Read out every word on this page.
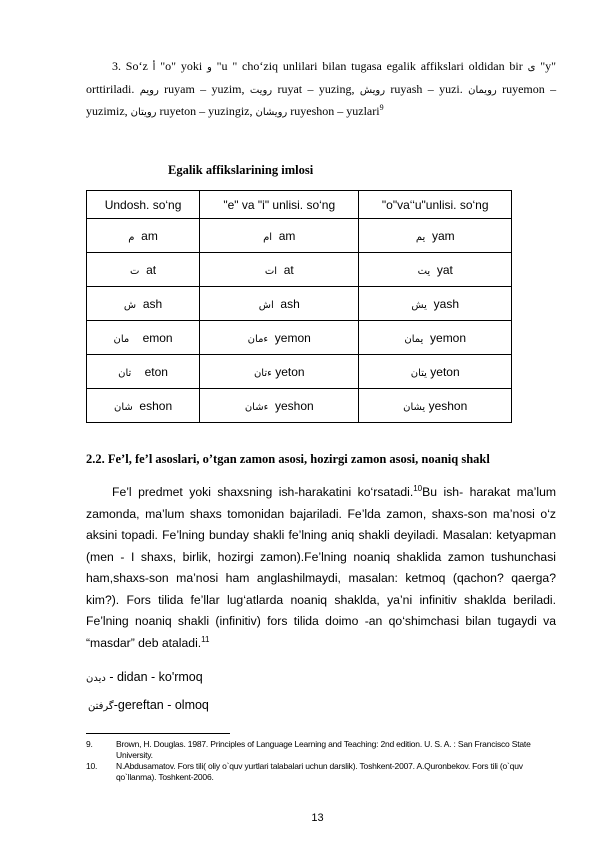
3. So‘z أ "o" yoki و "u " cho‘ziq unlilari bilan tugasa egalik affikslari oldidan bir ى "y" orttiriladi. رويم ruyam – yuzim, رويت ruyat – yuzing, رويش ruyash – yuzi. رويمان ruyemon – yuzimiz, رويتان ruyeton – yuzingiz, رويشان ruyeshon – yuzlari$^9$

Egalik affikslarining imlosi
Undosh. so‘ng	"e" va "i" unlisi. so‘ng	"o"va‘‘u"unlisi. so‘ng
م am	ام am	يم yam
ت at	ات at	يت yat
ش ash	اش ash	يش yash
مان emon	ءمان yemon	يمان yemon
تان eton	ءتان yeton	يتان yeton
شان eshon	ءشان yeshon	يشان yeshon
2.2. Fe’l, fe’l asoslari, o’tgan zamon asosi, hozirgi zamon asosi, noaniq shakl

Fe’l predmet yoki shaxsning ish-harakatini ko‘rsatadi.$^{10}$Bu ish- harakat ma’lum zamonda, ma’lum shaxs tomonidan bajariladi. Fe’lda zamon, shaxs-son ma’nosi o‘z aksini topadi. Fe’lning bunday shakli fe’lning aniq shakli deyiladi. Masalan: ketyapman (men - I shaxs, birlik, hozirgi zamon).Fe’lning noaniq shaklida zamon tushunchasi ham,shaxs-son ma’nosi ham anglashilmaydi, masalan: ketmoq (qachon? qaerga? kim?). Fors tilida fe’llar lug‘atlarda noaniq shaklda, ya’ni infinitiv shaklda beriladi. Fe’lning noaniq shakli (infinitiv) fors tilida doimo -an qo‘shimchasi bilan tugaydi va “masdar” deb ataladi.$^{11}$

ديدن - didan - ko'rmoq
گرفتن-gereftan - olmoq
9.	Brown, H. Douglas. 1987. Principles of Language Learning and Teaching: 2nd edition. U. S. A. : San Francisco State University.
10. N.Abdusamatov. Fors tili( oliy o`quv yurtlari talabalari uchun darslik). Toshkent-2007. A.Quronbekov. Fors tili (o`quv qo`llanma). Toshkent-2006.
13
